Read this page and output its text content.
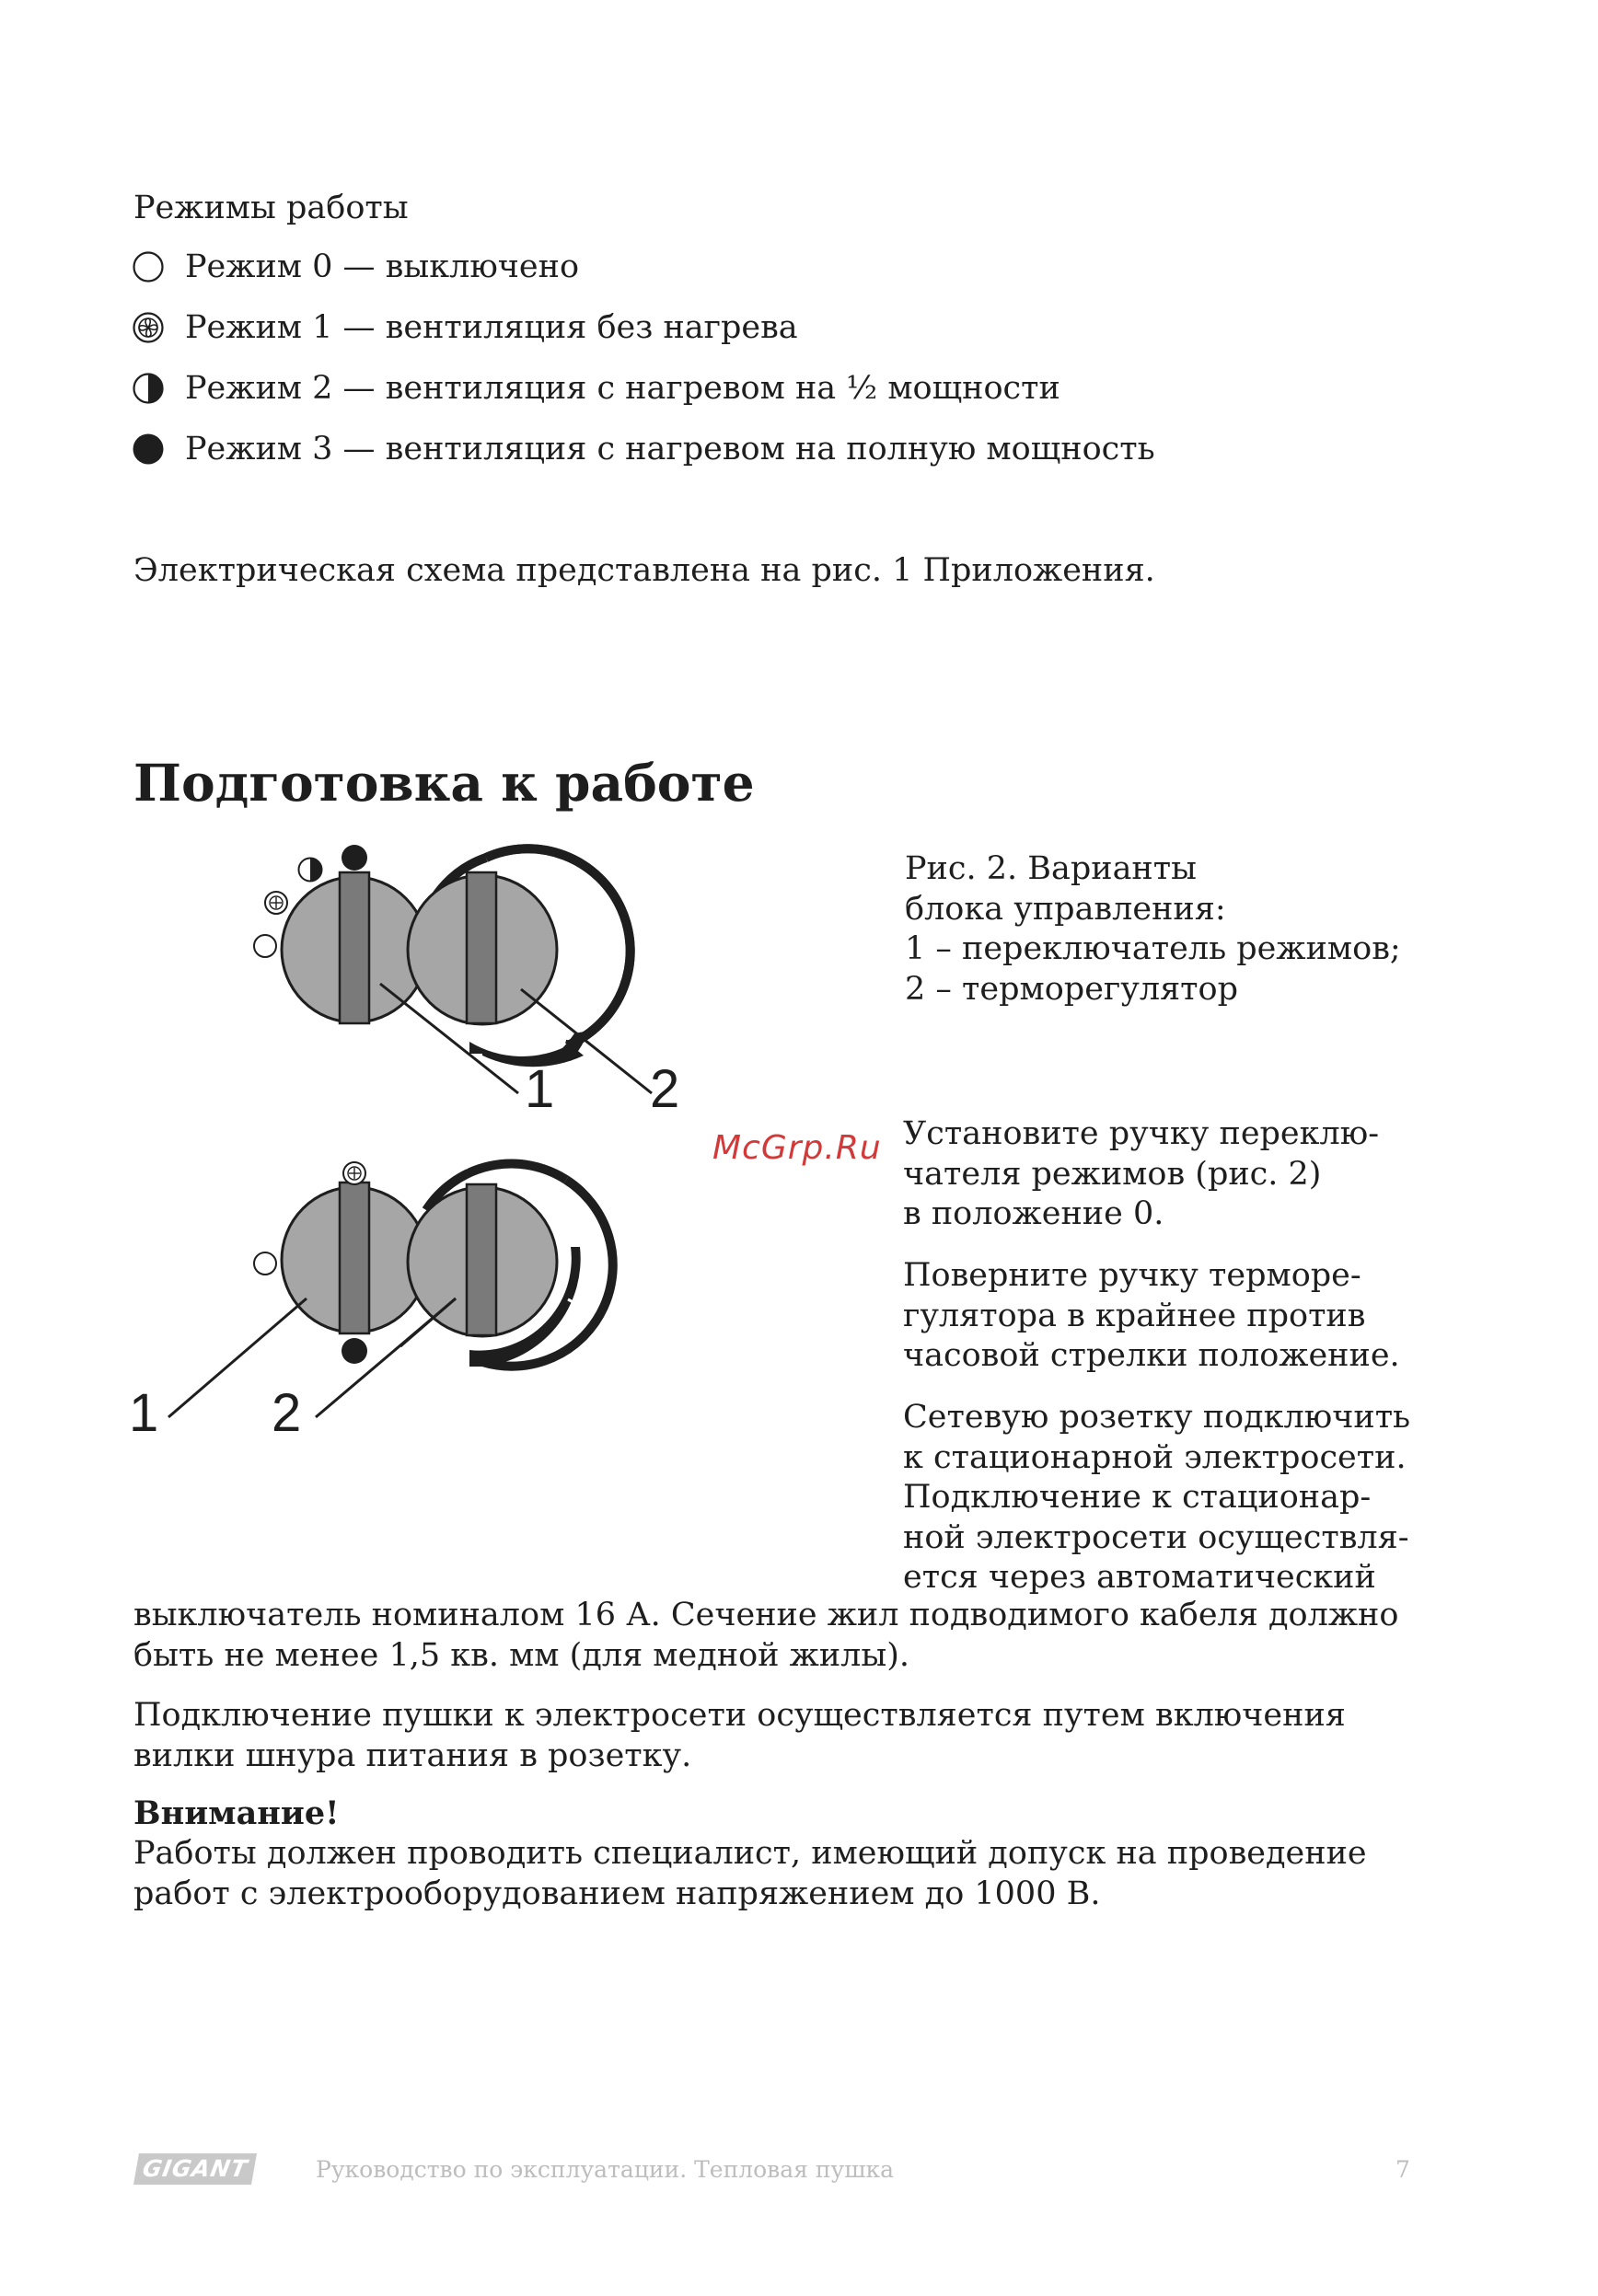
Режимы работы
Режим 0 — выключено
Режим 1 — вентиляция без нагрева
Режим 2 — вентиляция с нагревом на ½ мощности
Режим 3 — вентиляция с нагревом на полную мощность
Электрическая схема представлена на рис. 1 Приложения.
Подготовка к работе
1 2
1 2
Рис. 2. Варианты
блока управления:
1 – переключатель режимов;
2 – терморегулятор
Установите ручку переклю-
чателя режимов (рис. 2)
в положение 0.
Поверните ручку терморе-
гулятора в крайнее против
часовой стрелки положение.
Сетевую розетку подключить
к стационарной электросети.
Подключение к стационар-
ной электросети осуществля-
ется через автоматический
выключатель номиналом 16 А. Сечение жил подводимого кабеля должно
быть не менее 1,5 кв. мм (для медной жилы).
Подключение пушки к электросети осуществляется путем включения
вилки шнура питания в розетку.
Внимание!
Работы должен проводить специалист, имеющий допуск на проведение
работ с электрооборудованием напряжением до 1000 В.
McGrp.Ru
GIGANT	Руководство по эксплуатации. Тепловая пушка	7
